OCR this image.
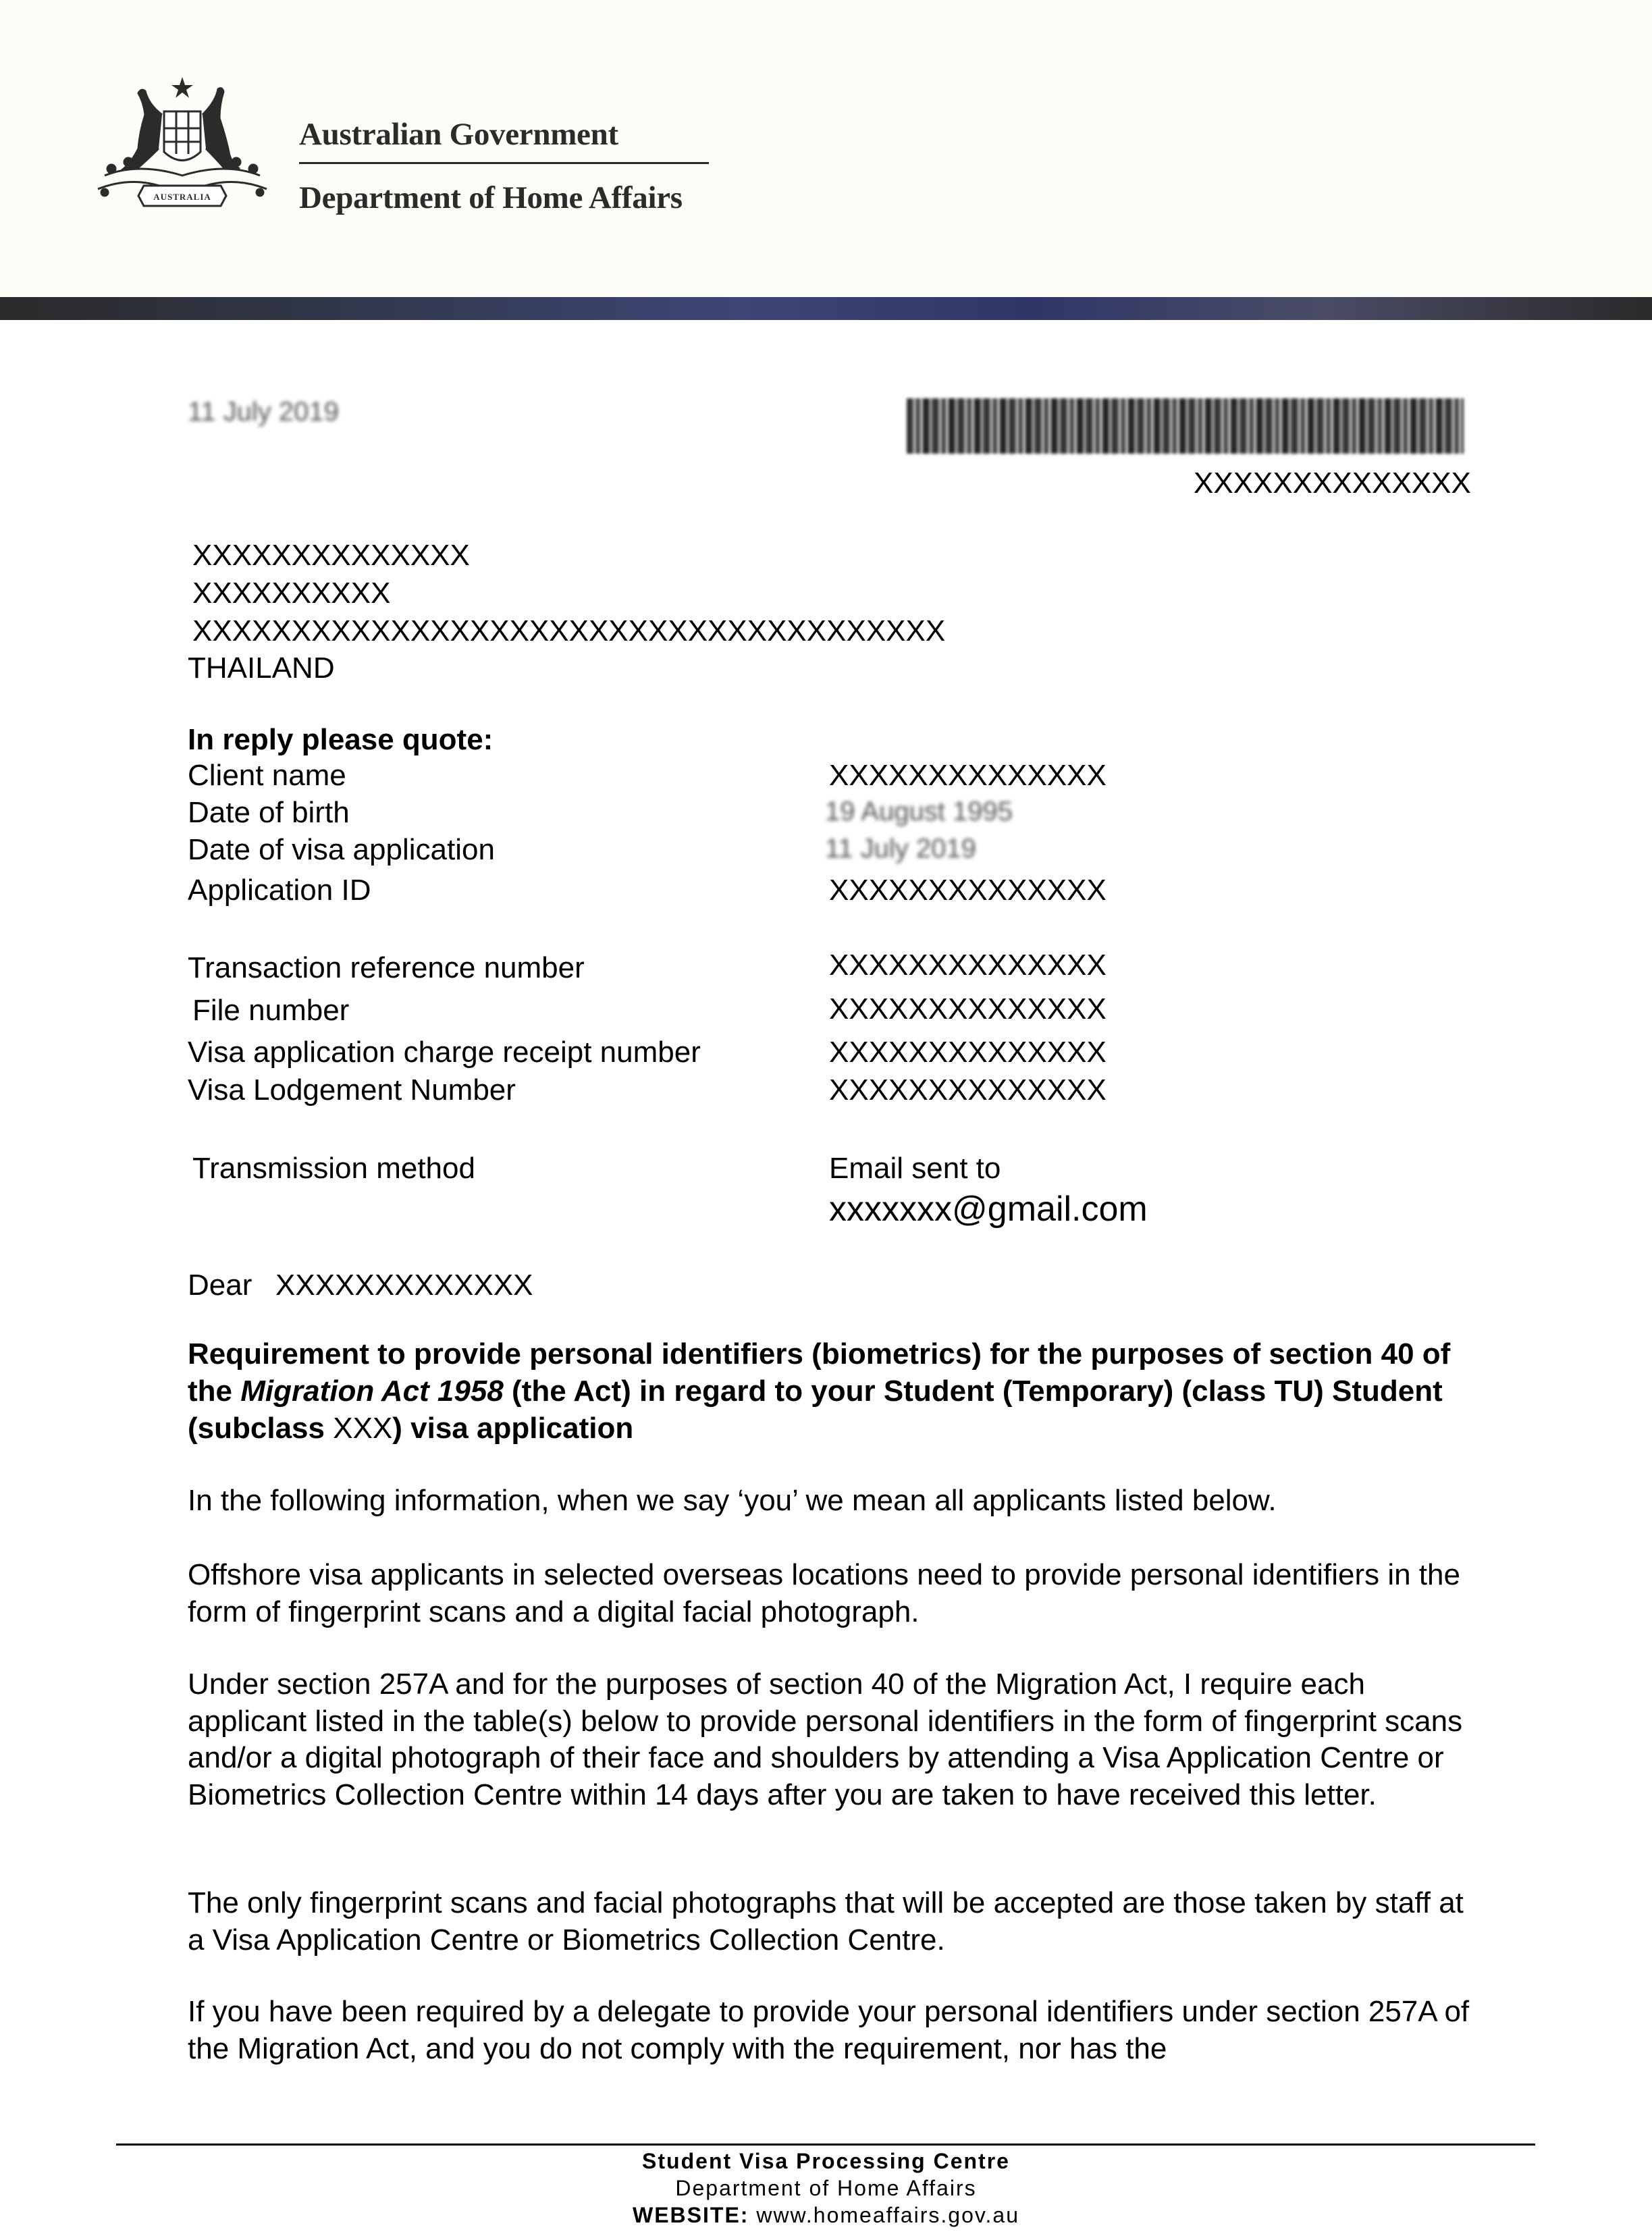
AUSTRALIA
Australian Government
Department of Home Affairs
11 July 2019
XXXXXXXXXXXXXX
XXXXXXXXXXXXXX
XXXXXXXXXX
XXXXXXXXXXXXXXXXXXXXXXXXXXXXXXXXXXXXXX
THAILAND
In reply please quote:
Client name	XXXXXXXXXXXXXX
Date of birth	19 August 1995
Date of visa application	11 July 2019
Application ID	XXXXXXXXXXXXXX
Transaction reference number	XXXXXXXXXXXXXX
File number	XXXXXXXXXXXXXX
Visa application charge receipt number	XXXXXXXXXXXXXX
Visa Lodgement Number	XXXXXXXXXXXXXX
Transmission method	Email sent to
xxxxxxx@gmail.com
Dear XXXXXXXXXXXXX
Requirement to provide personal identifiers (biometrics) for the purposes of section 40 of the Migration Act 1958 (the Act) in regard to your Student (Temporary) (class TU) Student (subclass XXX) visa application
In the following information, when we say ‘you’ we mean all applicants listed below.
Offshore visa applicants in selected overseas locations need to provide personal identifiers in the form of fingerprint scans and a digital facial photograph.
Under section 257A and for the purposes of section 40 of the Migration Act, I require each applicant listed in the table(s) below to provide personal identifiers in the form of fingerprint scans and/or a digital photograph of their face and shoulders by attending a Visa Application Centre or Biometrics Collection Centre within 14 days after you are taken to have received this letter.
The only fingerprint scans and facial photographs that will be accepted are those taken by staff at a Visa Application Centre or Biometrics Collection Centre.
If you have been required by a delegate to provide your personal identifiers under section 257A of the Migration Act, and you do not comply with the requirement, nor has the
Student Visa Processing Centre
Department of Home Affairs
WEBSITE: www.homeaffairs.gov.au
